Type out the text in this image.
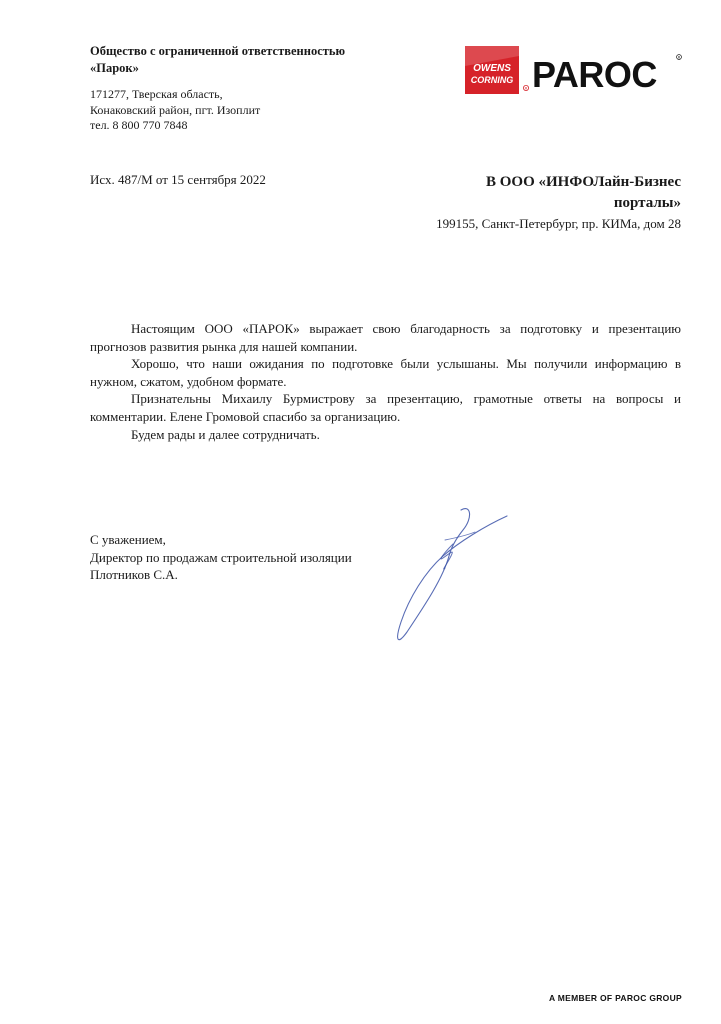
Общество с ограниченной ответственностью
«Парок»
171277, Тверская область,
Конаковский район, пгт. Изоплит
тел. 8 800 770 7848
OWENS
CORNING
R PAROC	R
Исх. 487/М от 15 сентября 2022	В ООО «ИНФОЛайн-Бизнес
порталы»
199155, Санкт-Петербург, пр. КИМа, дом 28

Настоящим ООО «ПАРОК» выражает свою благодарность за подготовку и презентацию прогнозов развития рынка для нашей компании.

Хорошо, что наши ожидания по подготовке были услышаны. Мы получили информацию в нужном, сжатом, удобном формате.

Признательны Михаилу Бурмистрову за презентацию, грамотные ответы на вопросы и комментарии. Елене Громовой спасибо за организацию.

Будем рады и далее сотрудничать.

С уважением,
Директор по продажам строительной изоляции
Плотников С.А.
A MEMBER OF PAROC GROUP
